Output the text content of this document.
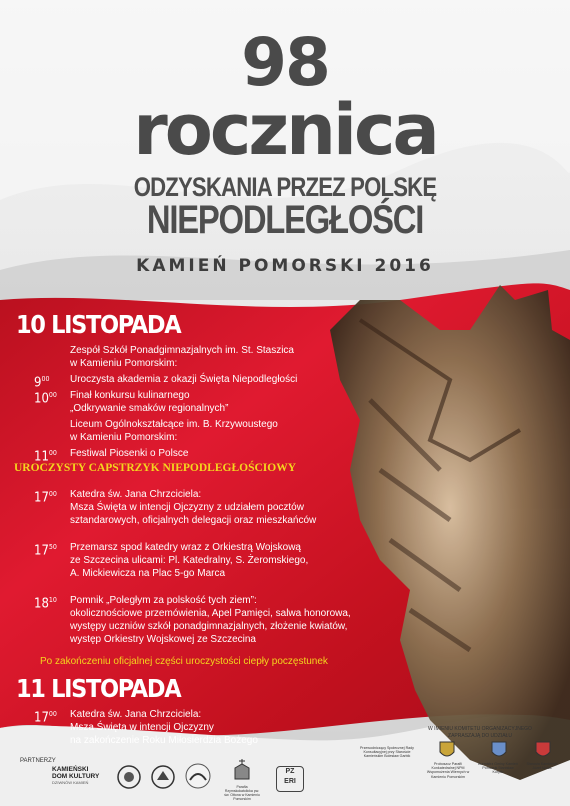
98
rocznica
ODZYSKANIA PRZEZ POLSKĘ
NIEPODLEGŁOŚCI
KAMIEŃ POMORSKI 2016
10 LISTOPADA
Zespół Szkół Ponadgimnazjalnych im. St. Staszica
w Kamieniu Pomorskim:
$9^{00}$ Uroczysta akademia z okazji Święta Niepodległości
$10^{00}$ Finał konkursu kulinarnego
„Odkrywanie smaków regionalnych”
Liceum Ogólnokształcące im. B. Krzywoustego
w Kamieniu Pomorskim:
$11^{00}$ Festiwal Piosenki o Polsce
UROCZYSTY CAPSTRZYK NIEPODLEGŁOŚCIOWY
$17^{00}$ Katedra św. Jana Chrzciciela:
Msza Święta w intencji Ojczyzny z udziałem pocztów
sztandarowych, oficjalnych delegacji oraz mieszkańców
$17^{50}$ Przemarsz spod katedry wraz z Orkiestrą Wojskową
ze Szczecina ulicami: Pl. Katedralny, S. Żeromskiego,
A. Mickiewicza na Plac 5-go Marca
$18^{10}$ Pomnik „Poległym za polskość tych ziem”:
okolicznościowe przemówienia, Apel Pamięci, salwa honorowa,
występy uczniów szkół ponadgimnazjalnych, złożenie kwiatów,
występ Orkiestry Wojskowej ze Szczecina
Po zakończeniu oficjalnej części uroczystości ciepły poczęstunek
11 LISTOPADA
$17^{00}$ Katedra św. Jana Chrzciciela:
Msza Święta w intencji Ojczyzny
na zakończenie Roku Miłosierdzia Bożego
PARTNERZY
W IMIENIU KOMITETU ORGANIZACYJNEGO
ZAPRASZAJĄ DO UDZIAŁU
KAMIEŃSKI
DOM KULTURY
DZIWNÓW KAMIEŃ
Parafia Rzymskokatolicka pw. św. Ottona w Kamieniu Pomorskim
PZ
ERI
Przewodniczący Społecznej Rady Konsultacyjnej przy Staroście Kamieńskim Bolesław Garbik
Proboszcz Parafii Konkatedralnej NPM Wspomożenia Wiernych w Kamieniu Pomorskim
Burmistrz Gminy Kamień Pomorski Stanisław Kuryłło
Starosta Kamieński Józef Mulas
